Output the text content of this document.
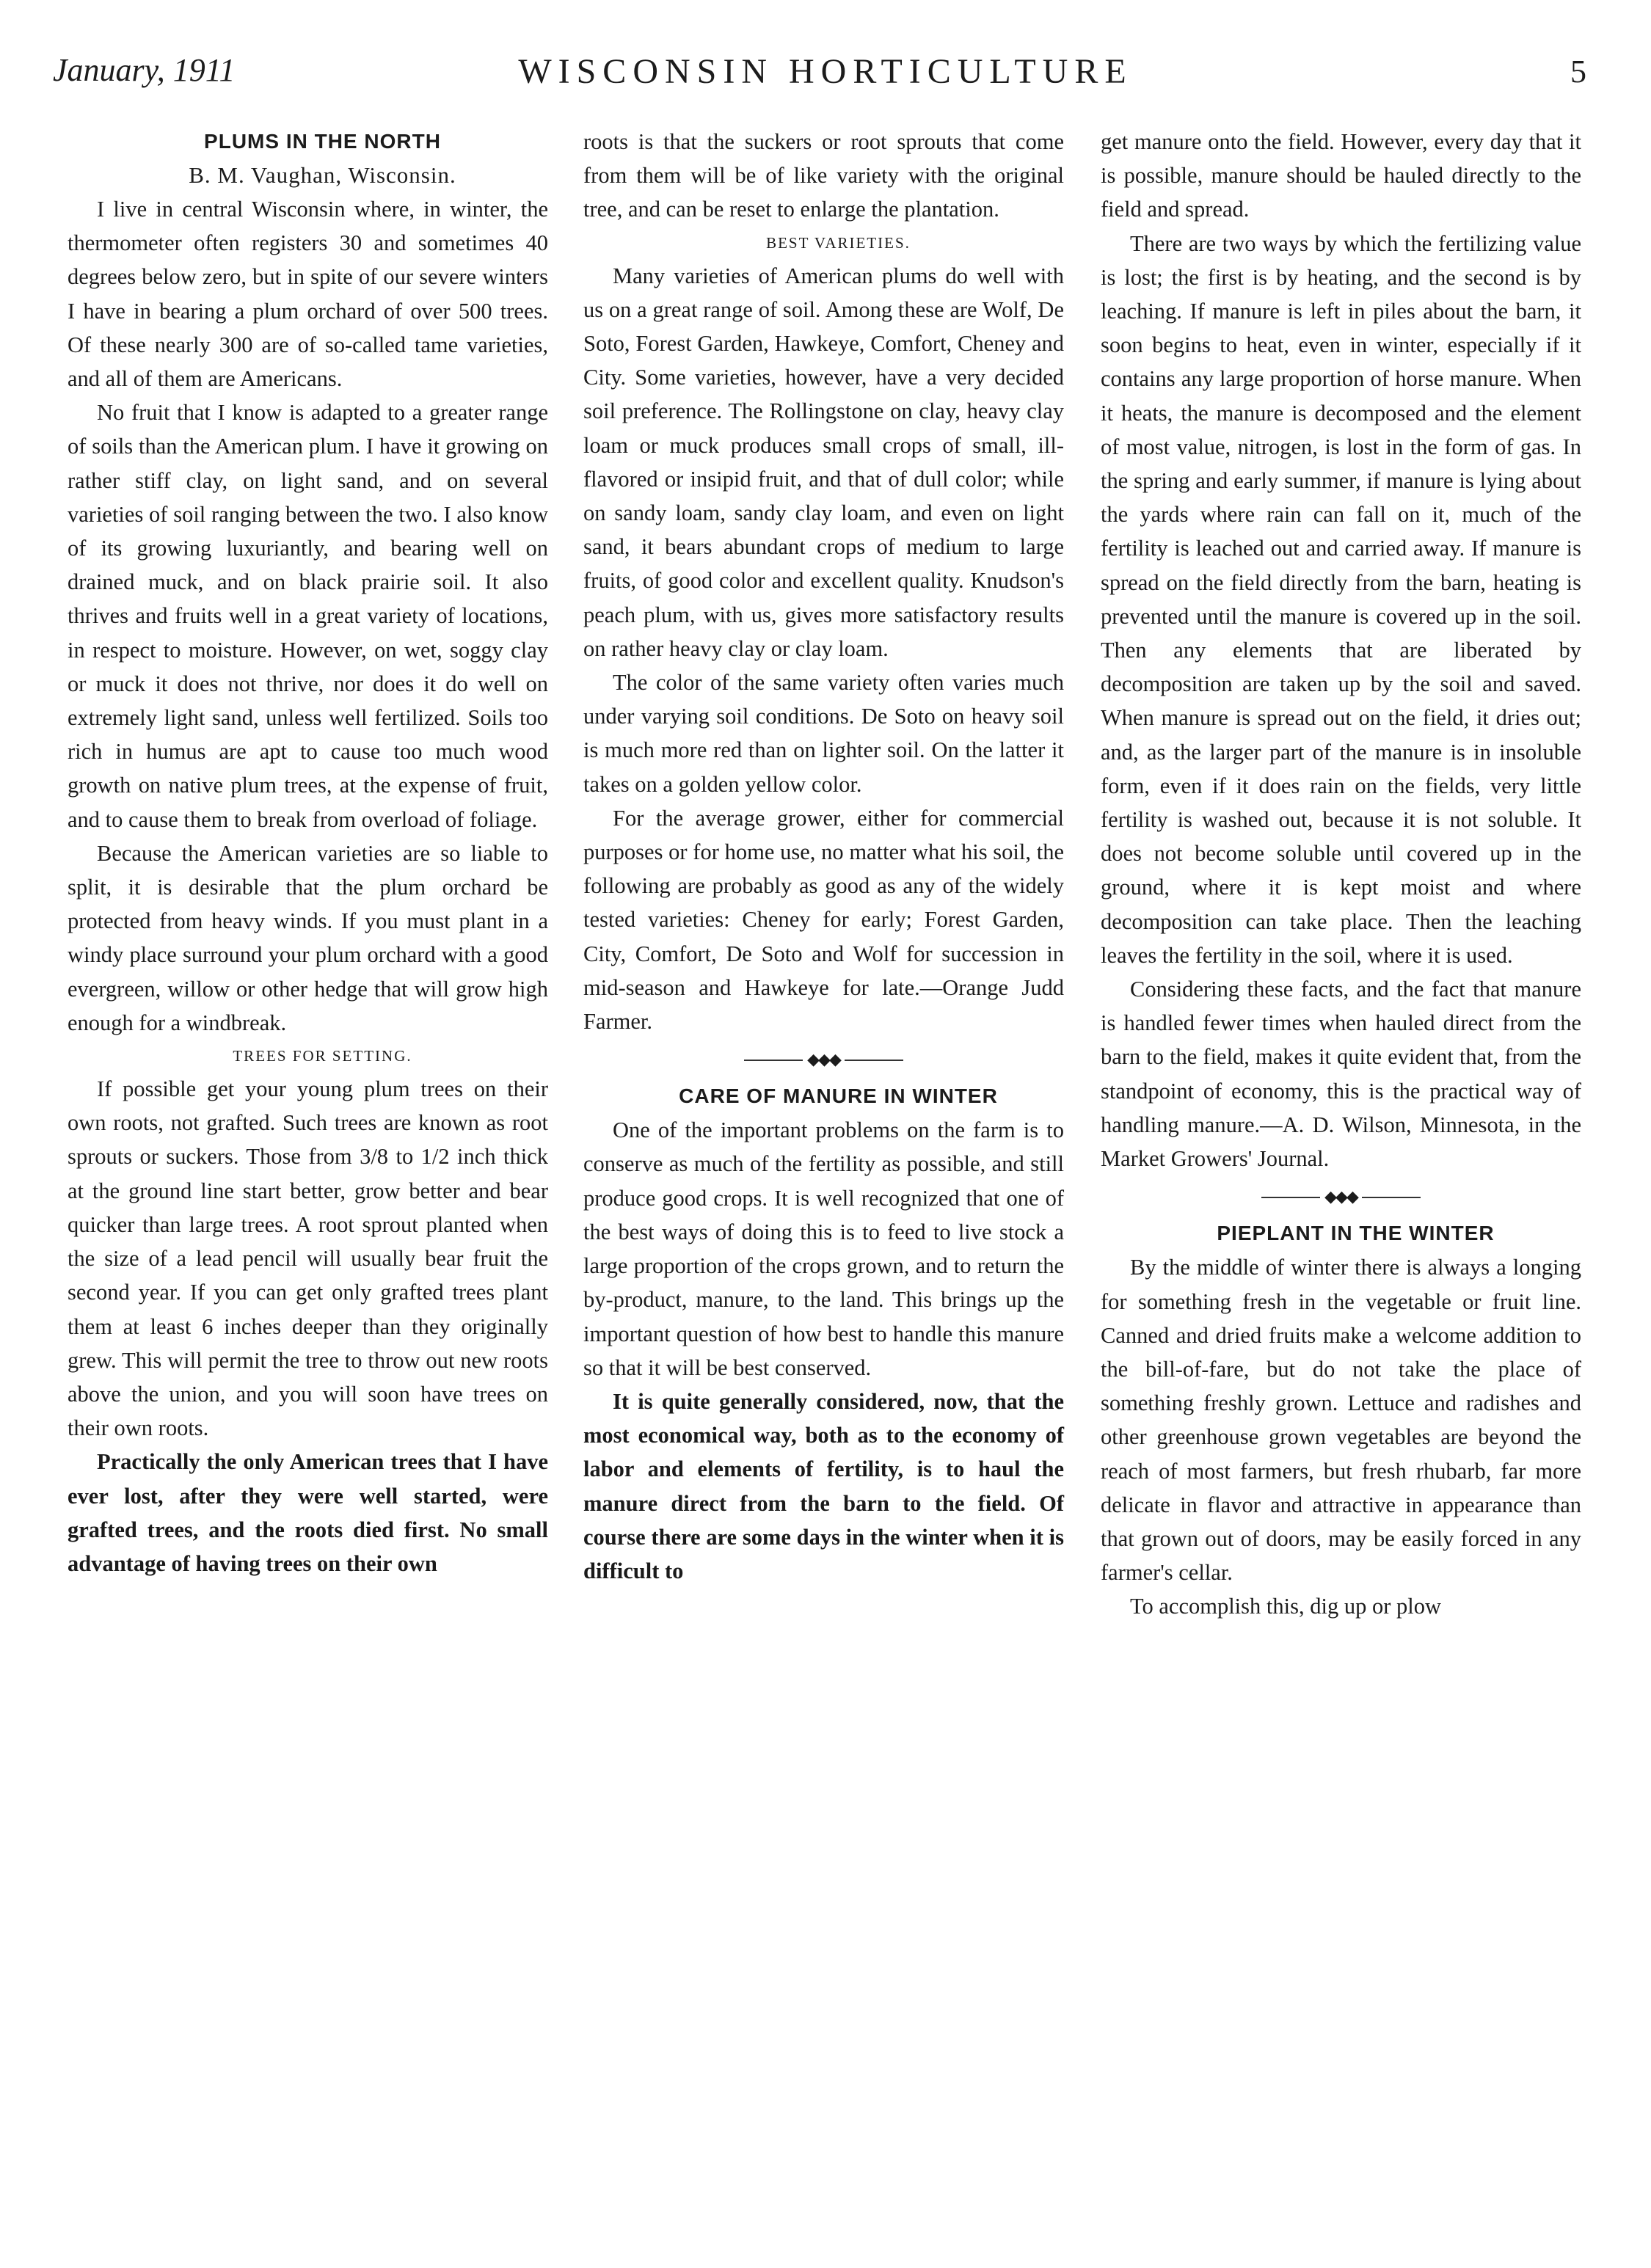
January, 1911	WISCONSIN HORTICULTURE	5

PLUMS IN THE NORTH

B. M. Vaughan, Wisconsin.

I live in central Wisconsin where, in winter, the thermometer often registers 30 and sometimes 40 degrees below zero, but in spite of our severe winters I have in bearing a plum orchard of over 500 trees. Of these nearly 300 are of so-called tame varieties, and all of them are Americans.

No fruit that I know is adapted to a greater range of soils than the American plum. I have it growing on rather stiff clay, on light sand, and on several varieties of soil ranging between the two. I also know of its growing luxuriantly, and bearing well on drained muck, and on black prairie soil. It also thrives and fruits well in a great variety of locations, in respect to moisture. However, on wet, soggy clay or muck it does not thrive, nor does it do well on extremely light sand, unless well fertilized. Soils too rich in humus are apt to cause too much wood growth on native plum trees, at the expense of fruit, and to cause them to break from overload of foliage.

Because the American varieties are so liable to split, it is desirable that the plum orchard be protected from heavy winds. If you must plant in a windy place surround your plum orchard with a good evergreen, willow or other hedge that will grow high enough for a windbreak.

TREES FOR SETTING.

If possible get your young plum trees on their own roots, not grafted. Such trees are known as root sprouts or suckers. Those from 3/8 to 1/2 inch thick at the ground line start better, grow better and bear quicker than large trees. A root sprout planted when the size of a lead pencil will usually bear fruit the second year. If you can get only grafted trees plant them at least 6 inches deeper than they originally grew. This will permit the tree to throw out new roots above the union, and you will soon have trees on their own roots.

Practically the only American trees that I have ever lost, after they were well started, were grafted trees, and the roots died first. No small advantage of having trees on their own

roots is that the suckers or root sprouts that come from them will be of like variety with the original tree, and can be reset to enlarge the plantation.

BEST VARIETIES.

Many varieties of American plums do well with us on a great range of soil. Among these are Wolf, De Soto, Forest Garden, Hawkeye, Comfort, Cheney and City. Some varieties, however, have a very decided soil preference. The Rollingstone on clay, heavy clay loam or muck produces small crops of small, ill-flavored or insipid fruit, and that of dull color; while on sandy loam, sandy clay loam, and even on light sand, it bears abundant crops of medium to large fruits, of good color and excellent quality. Knudson's peach plum, with us, gives more satisfactory results on rather heavy clay or clay loam.

The color of the same variety often varies much under varying soil conditions. De Soto on heavy soil is much more red than on lighter soil. On the latter it takes on a golden yellow color.

For the average grower, either for commercial purposes or for home use, no matter what his soil, the following are probably as good as any of the widely tested varieties: Cheney for early; Forest Garden, City, Comfort, De Soto and Wolf for succession in mid-season and Hawkeye for late.—Orange Judd Farmer.

◆◆◆

CARE OF MANURE IN WINTER

One of the important problems on the farm is to conserve as much of the fertility as possible, and still produce good crops. It is well recognized that one of the best ways of doing this is to feed to live stock a large proportion of the crops grown, and to return the by-product, manure, to the land. This brings up the important question of how best to handle this manure so that it will be best conserved.

It is quite generally considered, now, that the most economical way, both as to the economy of labor and elements of fertility, is to haul the manure direct from the barn to the field. Of course there are some days in the winter when it is difficult to

get manure onto the field. However, every day that it is possible, manure should be hauled directly to the field and spread.

There are two ways by which the fertilizing value is lost; the first is by heating, and the second is by leaching. If manure is left in piles about the barn, it soon begins to heat, even in winter, especially if it contains any large proportion of horse manure. When it heats, the manure is decomposed and the element of most value, nitrogen, is lost in the form of gas. In the spring and early summer, if manure is lying about the yards where rain can fall on it, much of the fertility is leached out and carried away. If manure is spread on the field directly from the barn, heating is prevented until the manure is covered up in the soil. Then any elements that are liberated by decomposition are taken up by the soil and saved. When manure is spread out on the field, it dries out; and, as the larger part of the manure is in insoluble form, even if it does rain on the fields, very little fertility is washed out, because it is not soluble. It does not become soluble until covered up in the ground, where it is kept moist and where decomposition can take place. Then the leaching leaves the fertility in the soil, where it is used.

Considering these facts, and the fact that manure is handled fewer times when hauled direct from the barn to the field, makes it quite evident that, from the standpoint of economy, this is the practical way of handling manure.—A. D. Wilson, Minnesota, in the Market Growers' Journal.

◆◆◆

PIEPLANT IN THE WINTER

By the middle of winter there is always a longing for something fresh in the vegetable or fruit line. Canned and dried fruits make a welcome addition to the bill-of-fare, but do not take the place of something freshly grown. Lettuce and radishes and other greenhouse grown vegetables are beyond the reach of most farmers, but fresh rhubarb, far more delicate in flavor and attractive in appearance than that grown out of doors, may be easily forced in any farmer's cellar.

To accomplish this, dig up or plow
